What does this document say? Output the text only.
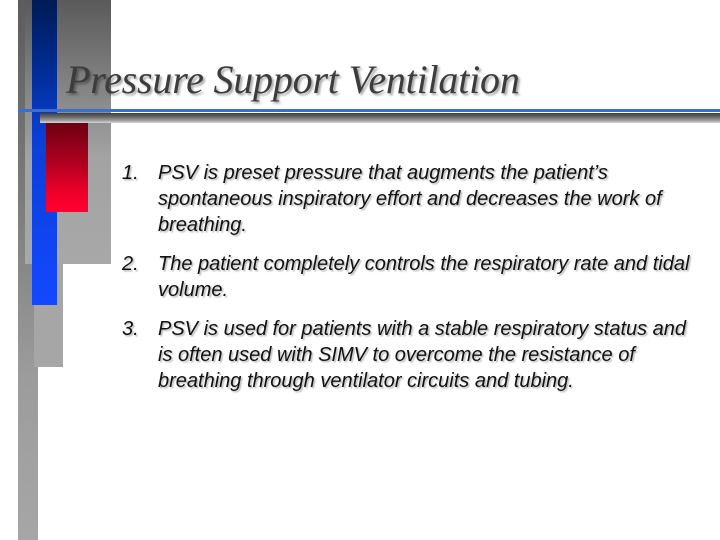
Pressure Support Ventilation
1. PSV is preset pressure that augments the patient’s spontaneous inspiratory effort and decreases the work of breathing.
2. The patient completely controls the respiratory rate and tidal volume.
3. PSV is used for patients with a stable respiratory status and is often used with SIMV to overcome the resistance of breathing through ventilator circuits and tubing.
